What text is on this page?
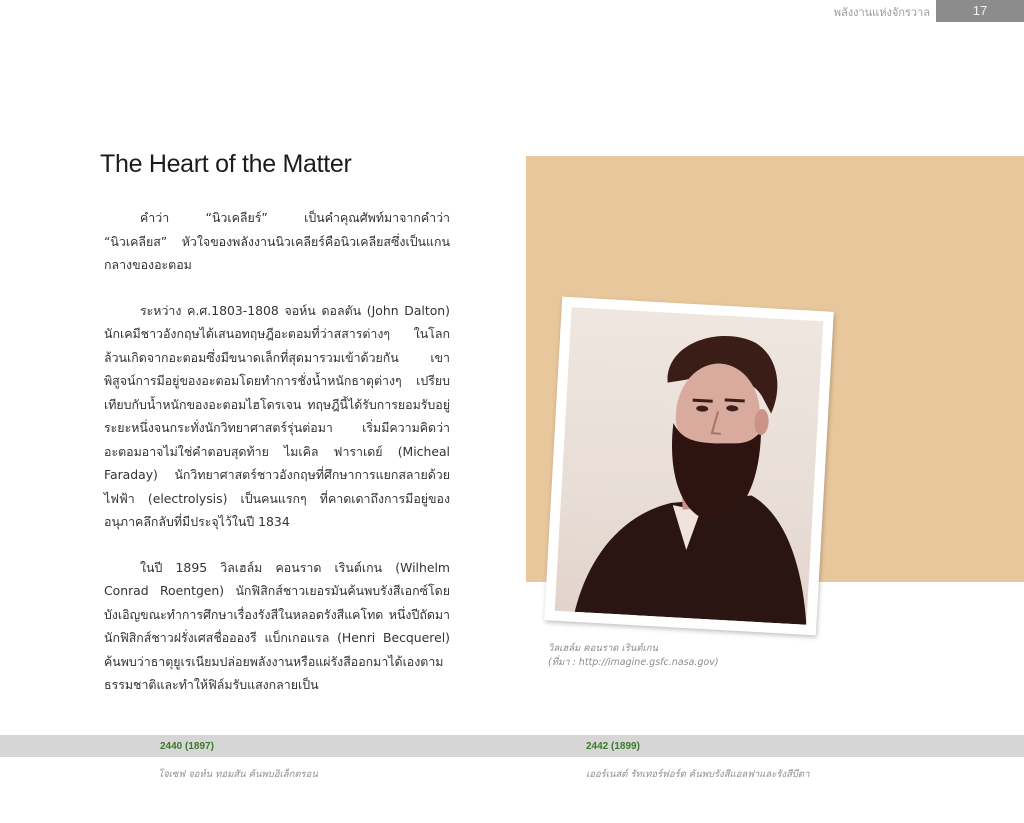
พลังงานแห่งจักรวาล	17
The Heart of the Matter

คำว่า “นิวเคลียร์” เป็นคำคุณศัพท์มาจากคำว่า “นิวเคลียส” หัวใจของพลังงานนิวเคลียร์คือนิวเคลียสซึ่งเป็นแกนกลางของอะตอม

ระหว่าง ค.ศ.1803-1808 จอห์น ดอลตัน (John Dalton) นักเคมีชาวอังกฤษได้เสนอทฤษฎีอะตอมที่ว่าสสารต่างๆ ในโลกล้วนเกิดจากอะตอมซึ่งมีขนาดเล็กที่สุดมารวมเข้าด้วยกัน เขาพิสูจน์การมีอยู่ของอะตอมโดยทำการชั่งน้ำหนักธาตุต่างๆ เปรียบเทียบกับน้ำหนักของอะตอมไฮโดรเจน ทฤษฎีนี้ได้รับการยอมรับอยู่ระยะหนึ่งจนกระทั่งนักวิทยาศาสตร์รุ่นต่อมา เริ่มมีความคิดว่าอะตอมอาจไม่ใช่คำตอบสุดท้าย ไมเคิล ฟาราเดย์ (Micheal Faraday) นักวิทยาศาสตร์ชาวอังกฤษที่ศึกษาการแยกสลายด้วยไฟฟ้า (electrolysis) เป็นคนแรกๆ ที่คาดเดาถึงการมีอยู่ของอนุภาคลึกลับที่มีประจุไว้ในปี 1834

ในปี 1895 วิลเฮล์ม คอนราด เรินต์เกน (Wilhelm Conrad Roentgen) นักฟิสิกส์ชาวเยอรมันค้นพบรังสีเอกซ์โดยบังเอิญขณะทำการศึกษาเรื่องรังสีในหลอดรังสีแคโทด หนึ่งปีถัดมานักฟิสิกส์ชาวฝรั่งเศสชื่ออองรี แบ็กเกอแรล (Henri Becquerel) ค้นพบว่าธาตุยูเรเนียมปล่อยพลังงานหรือแผ่รังสีออกมาได้เองตามธรรมชาติและทำให้ฟิล์มรับแสงกลายเป็น

วิลเฮล์ม คอนราด เรินต์เกน
(ที่มา : http://imagine.gsfc.nasa.gov)
2440 (1897)	2442 (1899)
โจเซฟ จอห์น ทอมสัน ค้นพบอิเล็กตรอน	เออร์เนสต์ รัทเทอร์ฟอร์ด ค้นพบรังสีแอลฟาและรังสีบีตา
